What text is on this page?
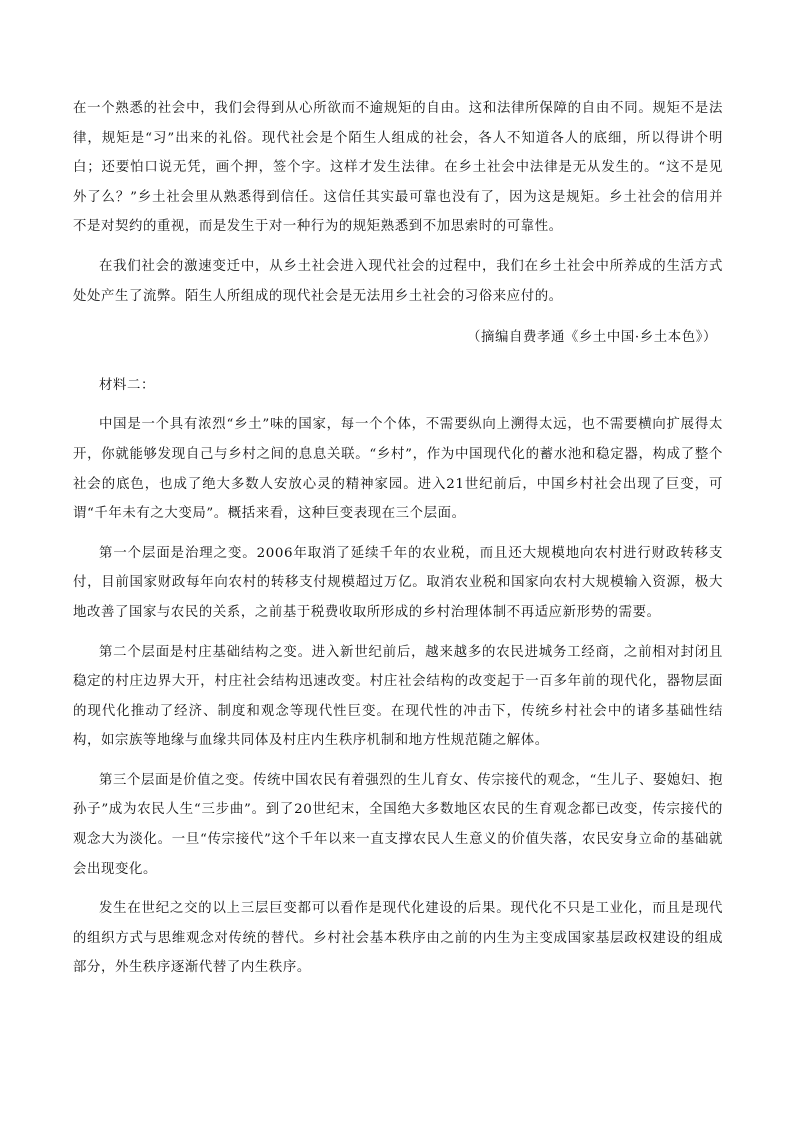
在一个熟悉的社会中，我们会得到从心所欲而不逾规矩的自由。这和法律所保障的自由不同。规矩不是法律，规矩是“习”出来的礼俗。现代社会是个陌生人组成的社会，各人不知道各人的底细，所以得讲个明白；还要怕口说无凭，画个押，签个字。这样才发生法律。在乡土社会中法律是无从发生的。“这不是见外了么？”乡土社会里从熟悉得到信任。这信任其实最可靠也没有了，因为这是规矩。乡土社会的信用并不是对契约的重视，而是发生于对一种行为的规矩熟悉到不加思索时的可靠性。

在我们社会的激速变迁中，从乡土社会进入现代社会的过程中，我们在乡土社会中所养成的生活方式处处产生了流弊。陌生人所组成的现代社会是无法用乡土社会的习俗来应付的。

（摘编自费孝通《乡土中国·乡土本色》）

材料二：

中国是一个具有浓烈“乡土”味的国家，每一个个体，不需要纵向上溯得太远，也不需要横向扩展得太开，你就能够发现自己与乡村之间的息息关联。“乡村”，作为中国现代化的蓄水池和稳定器，构成了整个社会的底色，也成了绝大多数人安放心灵的精神家园。进入21世纪前后，中国乡村社会出现了巨变，可谓“千年未有之大变局”。概括来看，这种巨变表现在三个层面。

第一个层面是治理之变。2006年取消了延续千年的农业税，而且还大规模地向农村进行财政转移支付，目前国家财政每年向农村的转移支付规模超过万亿。取消农业税和国家向农村大规模输入资源，极大地改善了国家与农民的关系，之前基于税费收取所形成的乡村治理体制不再适应新形势的需要。

第二个层面是村庄基础结构之变。进入新世纪前后，越来越多的农民进城务工经商，之前相对封闭且稳定的村庄边界大开，村庄社会结构迅速改变。村庄社会结构的改变起于一百多年前的现代化，器物层面的现代化推动了经济、制度和观念等现代性巨变。在现代性的冲击下，传统乡村社会中的诸多基础性结构，如宗族等地缘与血缘共同体及村庄内生秩序机制和地方性规范随之解体。

第三个层面是价值之变。传统中国农民有着强烈的生儿育女、传宗接代的观念，“生儿子、娶媳妇、抱孙子”成为农民人生“三步曲”。到了20世纪末，全国绝大多数地区农民的生育观念都已改变，传宗接代的观念大为淡化。一旦“传宗接代”这个千年以来一直支撑农民人生意义的价值失落，农民安身立命的基础就会出现变化。

发生在世纪之交的以上三层巨变都可以看作是现代化建设的后果。现代化不只是工业化，而且是现代的组织方式与思维观念对传统的替代。乡村社会基本秩序由之前的内生为主变成国家基层政权建设的组成部分，外生秩序逐渐代替了内生秩序。
